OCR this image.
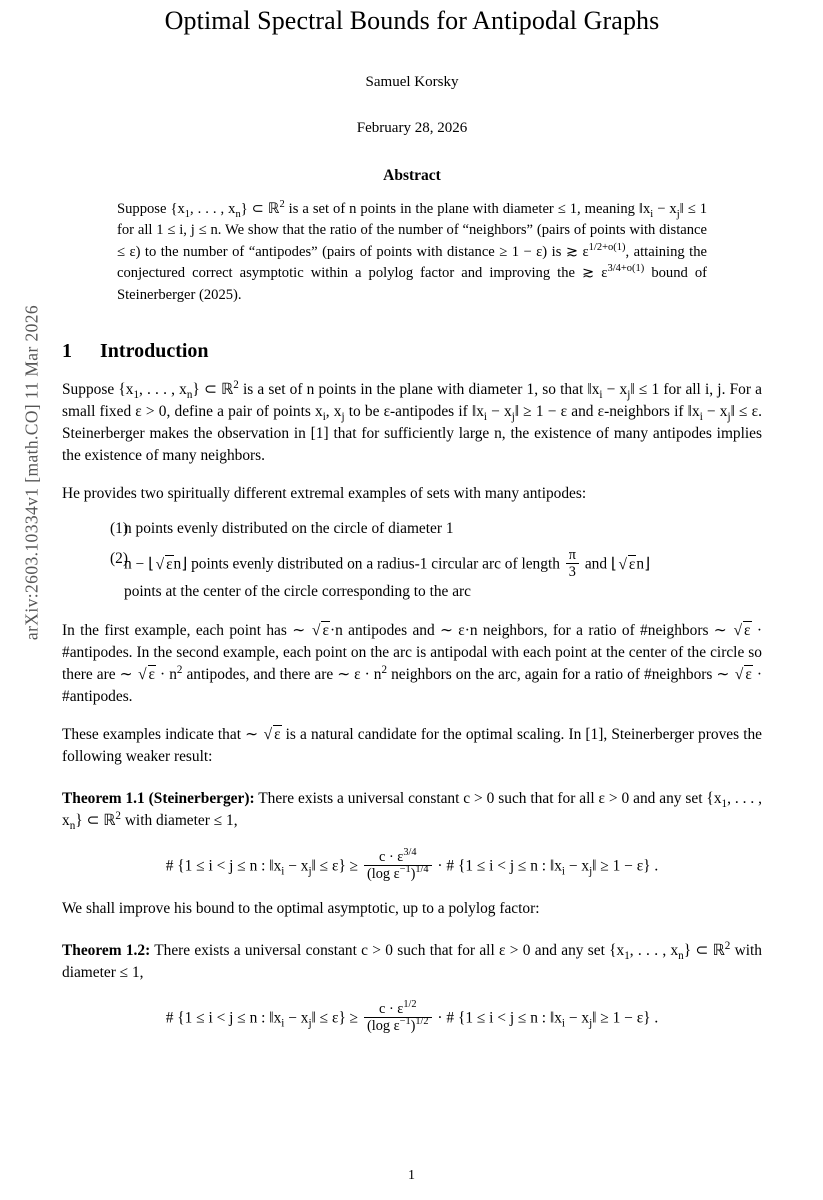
arXiv:2603.10334v1 [math.CO] 11 Mar 2026
Optimal Spectral Bounds for Antipodal Graphs
Samuel Korsky
February 28, 2026
Abstract
Suppose {$x_1$, . . . , $x_n$} ⊂ ℝ$^2$ is a set of n points in the plane with diameter ≤ 1, meaning $‖x_i$ − $x_j‖ \le 1$ for all 1 ≤ i, j ≤ n. We show that the ratio of the number of “neighbors” (pairs of points with distance ≤ ε) to the number of “antipodes” (pairs of points with distance ≥ 1 − ε) is ≳ $\varepsilon^{1/2+o(1)}$, attaining the conjectured correct asymptotic within a polylog factor and improving the ≳ $\varepsilon^{3/4+o(1)}$ bound of Steinerberger (2025).
1 Introduction

Suppose {$x_1$, . . . , $x_n$} ⊂ ℝ$^2$ is a set of n points in the plane with diameter 1, so that $‖x_i$ − $x_j‖ \le 1$ for all i, j. For a small fixed ε > 0, define a pair of points $x_i$, $x_j$ to be ε-antipodes if $‖x_i$ − $x_j‖ \ge 1 - \varepsilon$ and ε-neighbors if $‖x_i$ − $x_j‖ \le \varepsilon$. Steinerberger makes the observation in [1] that for sufficiently large n, the existence of many antipodes implies the existence of many neighbors.

He provides two spiritually different extremal examples of sets with many antipodes:

(1)
n points evenly distributed on the circle of diameter 1
(2)
n − ⌊√ εn⌋ points evenly distributed on a radius-1 circular arc of length $\frac{\pi}{3}$ and ⌊√ εn⌋
points at the center of the circle corresponding to the arc

In the first example, each point has ∼ √ ε·n antipodes and ∼ ε·n neighbors, for a ratio of #neighbors ∼ √ ε · #antipodes. In the second example, each point on the arc is antipodal with each point at the center of the circle so there are ∼ √ $\varepsilon \cdot n^2$ antipodes, and there are ∼ $\varepsilon \cdot n^2$ neighbors on the arc, again for a ratio of #neighbors ∼ √ ε · #antipodes.

These examples indicate that ∼ √ ε is a natural candidate for the optimal scaling. In [1], Steinerberger proves the following weaker result:

Theorem 1.1 (Steinerberger): There exists a universal constant c > 0 such that for all ε > 0 and any set {$x_1$, . . . , $x_n$} ⊂ ℝ$^2$ with diameter ≤ 1,

# {1 ≤ i < j ≤ n : $‖x_i$ − $x_j‖ \le \varepsilon\} \ge \frac{c \cdot \varepsilon^{3/4}}{(\log \varepsilon^{-1})^{1/4}}$ · # {1 ≤ i < j ≤ n : $‖x_i$ − $x_j‖ \ge 1 - \varepsilon$} .

We shall improve his bound to the optimal asymptotic, up to a polylog factor:

Theorem 1.2: There exists a universal constant c > 0 such that for all ε > 0 and any set {$x_1$, . . . , $x_n$} ⊂ ℝ$^2$ with diameter ≤ 1,

# {1 ≤ i < j ≤ n : $‖x_i$ − $x_j‖ \le \varepsilon\} \ge \frac{c \cdot \varepsilon^{1/2}}{(\log \varepsilon^{-1})^{1/2}}$ · # {1 ≤ i < j ≤ n : $‖x_i$ − $x_j‖ \ge 1 - \varepsilon$} .
1
